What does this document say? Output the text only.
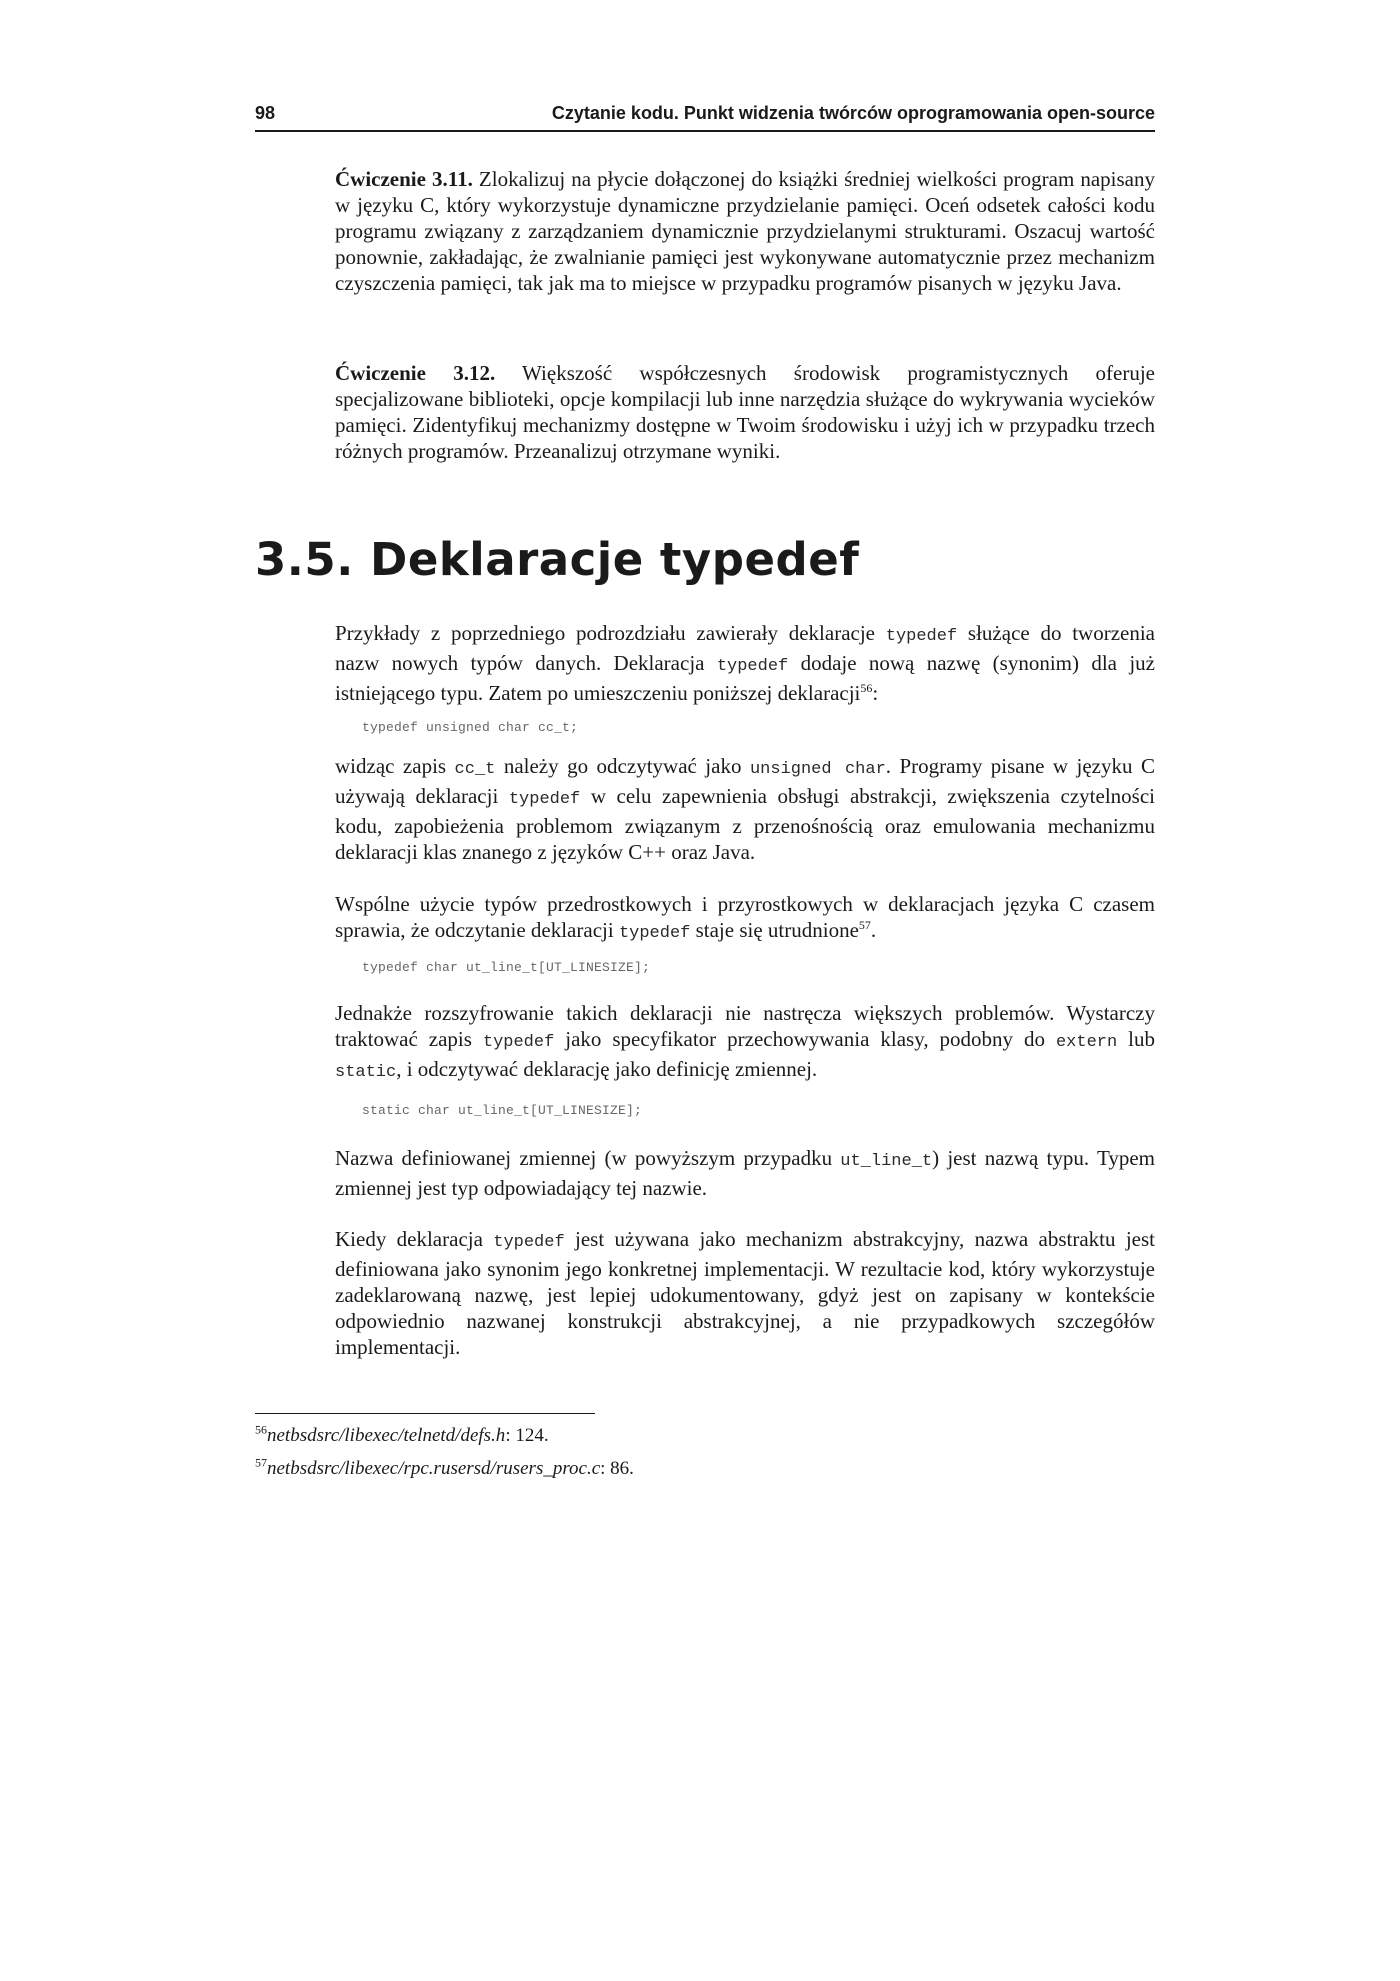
98	Czytanie kodu. Punkt widzenia twórców oprogramowania open-source

Ćwiczenie 3.11. Zlokalizuj na płycie dołączonej do książki średniej wielkości program napisany w języku C, który wykorzystuje dynamiczne przydzielanie pamięci. Oceń odsetek całości kodu programu związany z zarządzaniem dynamicznie przydzielanymi strukturami. Oszacuj wartość ponownie, zakładając, że zwalnianie pamięci jest wykonywane automatycznie przez mechanizm czyszczenia pamięci, tak jak ma to miejsce w przypadku programów pisanych w języku Java.

Ćwiczenie 3.12. Większość współczesnych środowisk programistycznych oferuje specjalizowane biblioteki, opcje kompilacji lub inne narzędzia służące do wykrywania wycieków pamięci. Zidentyfikuj mechanizmy dostępne w Twoim środowisku i użyj ich w przypadku trzech różnych programów. Przeanalizuj otrzymane wyniki.

3.5. Deklaracje typedef

Przykłady z poprzedniego podrozdziału zawierały deklaracje typedef służące do tworzenia nazw nowych typów danych. Deklaracja typedef dodaje nową nazwę (synonim) dla już istniejącego typu. Zatem po umieszczeniu poniższej deklaracji$^{56}$:

typedef unsigned char cc_t;

widząc zapis cc_t należy go odczytywać jako unsigned char. Programy pisane w języku C używają deklaracji typedef w celu zapewnienia obsługi abstrakcji, zwiększenia czytelności kodu, zapobieżenia problemom związanym z przenośnością oraz emulowania mechanizmu deklaracji klas znanego z języków C++ oraz Java.

Wspólne użycie typów przedrostkowych i przyrostkowych w deklaracjach języka C czasem sprawia, że odczytanie deklaracji typedef staje się utrudnione$^{57}$.

typedef char ut_line_t[UT_LINESIZE];

Jednakże rozszyfrowanie takich deklaracji nie nastręcza większych problemów. Wystarczy traktować zapis typedef jako specyfikator przechowywania klasy, podobny do extern lub static, i odczytywać deklarację jako definicję zmiennej.

static char ut_line_t[UT_LINESIZE];

Nazwa definiowanej zmiennej (w powyższym przypadku ut_line_t) jest nazwą typu. Typem zmiennej jest typ odpowiadający tej nazwie.

Kiedy deklaracja typedef jest używana jako mechanizm abstrakcyjny, nazwa abstraktu jest definiowana jako synonim jego konkretnej implementacji. W rezultacie kod, który wykorzystuje zadeklarowaną nazwę, jest lepiej udokumentowany, gdyż jest on zapisany w kontekście odpowiednio nazwanej konstrukcji abstrakcyjnej, a nie przypadkowych szczegółów implementacji.

$^{56}$netbsdsrc/libexec/telnetd/defs.h: 124.
$^{57}$netbsdsrc/libexec/rpc.rusersd/rusers_proc.c: 86.
